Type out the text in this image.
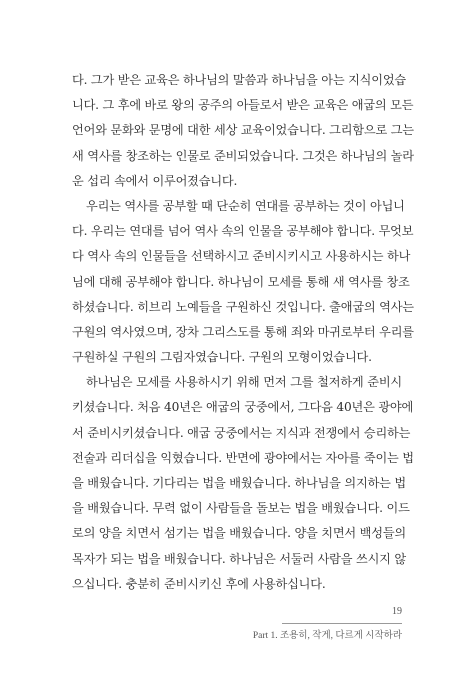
다. 그가 받은 교육은 하나님의 말씀과 하나님을 아는 지식이었습
니다. 그 후에 바로 왕의 공주의 아들로서 받은 교육은 애굽의 모든
언어와 문화와 문명에 대한 세상 교육이었습니다. 그리함으로 그는
새 역사를 창조하는 인물로 준비되었습니다. 그것은 하나님의 놀라
운 섭리 속에서 이루어졌습니다.
우리는 역사를 공부할 때 단순히 연대를 공부하는 것이 아닙니
다. 우리는 연대를 넘어 역사 속의 인물을 공부해야 합니다. 무엇보
다 역사 속의 인물들을 선택하시고 준비시키시고 사용하시는 하나
님에 대해 공부해야 합니다. 하나님이 모세를 통해 새 역사를 창조
하셨습니다. 히브리 노예들을 구원하신 것입니다. 출애굽의 역사는
구원의 역사였으며, 장차 그리스도를 통해 죄와 마귀로부터 우리를
구원하실 구원의 그림자였습니다. 구원의 모형이었습니다.
하나님은 모세를 사용하시기 위해 먼저 그를 철저하게 준비시
키셨습니다. 처음 40년은 애굽의 궁중에서, 그다음 40년은 광야에
서 준비시키셨습니다. 애굽 궁중에서는 지식과 전쟁에서 승리하는
전술과 리더십을 익혔습니다. 반면에 광야에서는 자아를 죽이는 법
을 배웠습니다. 기다리는 법을 배웠습니다. 하나님을 의지하는 법
을 배웠습니다. 무력 없이 사람들을 돌보는 법을 배웠습니다. 이드
로의 양을 치면서 섬기는 법을 배웠습니다. 양을 치면서 백성들의
목자가 되는 법을 배웠습니다. 하나님은 서둘러 사람을 쓰시지 않
으십니다. 충분히 준비시키신 후에 사용하십니다.
19
Part 1. 조용히, 작게, 다르게 시작하라
